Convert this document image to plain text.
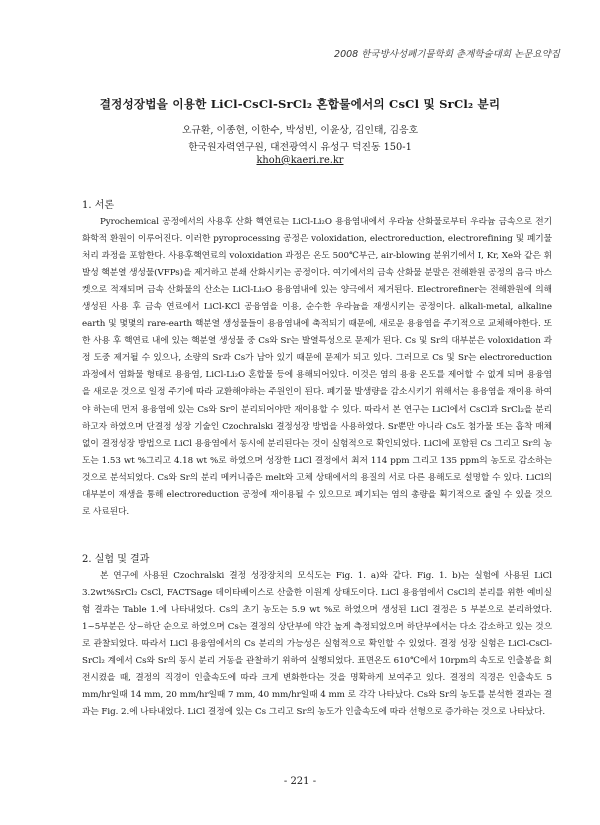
2008 한국방사성폐기물학회 춘계학술대회 논문요약집
결정성장법을 이용한 LiCl-CsCl-SrCl₂ 혼합물에서의 CsCl 및 SrCl₂ 분리
오규환, 이종현, 이한수, 박성빈, 이윤상, 김인태, 김응호
한국원자력연구원, 대전광역시 유성구 덕진동 150-1
khoh@kaeri.re.kr
1. 서론

Pyrochemical 공정에서의 사용후 산화 핵연료는 LiCl-Li₂O 용융염내에서 우라늄 산화물로부터 우라늄 금속으로 전기화학적 환원이 이루어진다. 이러한 pyroprocessing 공정은 voloxidation, electroreduction, electrorefining 및 폐기물 처리 과정을 포함한다. 사용후핵연료의 voloxidation 과정은 온도 500℃부근, air-blowing 분위기에서 I, Kr, Xe와 같은 휘발성 핵분열 생성물(VFPs)을 제거하고 분쇄 산화시키는 공정이다. 여기에서의 금속 산화물 분말은 전해환원 공정의 음극 바스켓으로 적재되며 금속 산화물의 산소는 LiCl-Li₂O 용융염내에 있는 양극에서 제거된다. Electrorefiner는 전해환원에 의해 생성된 사용 후 금속 연료에서 LiCl-KCl 공융염을 이용, 순수한 우라늄을 재생시키는 공정이다. alkali-metal, alkaline earth 및 몇몇의 rare-earth 핵분열 생성물들이 용융염내에 축적되기 때문에, 새로운 용융염을 주기적으로 교체해야한다. 또한 사용 후 핵연료 내에 있는 핵분열 생성물 중 Cs와 Sr는 발열특성으로 문제가 된다. Cs 및 Sr의 대부분은 voloxidation 과정 도중 제거될 수 있으나, 소량의 Sr과 Cs가 남아 있기 때문에 문제가 되고 있다. 그러므로 Cs 및 Sr는 electroreduction 과정에서 염화물 형태로 용융염, LiCl-Li₂O 혼합물 등에 용해되어있다. 이것은 염의 용융 온도를 제어할 수 없게 되며 용융염을 새로운 것으로 일정 주기에 따라 교환해야하는 주원인이 된다. 폐기물 발생량을 감소시키기 위해서는 용융염을 재이용 하여야 하는데 먼저 용융염에 있는 Cs와 Sr이 분리되어야만 재이용할 수 있다. 따라서 본 연구는 LiCl에서 CsCl과 SrCl₂을 분리하고자 하였으며 단결정 성장 기술인 Czochralski 결정성장 방법을 사용하였다. Sr뿐만 아니라 Cs도 첨가물 또는 흡착 매체 없이 결정성장 방법으로 LiCl 용융염에서 동시에 분리된다는 것이 실험적으로 확인되었다. LiCl에 포함된 Cs 그리고 Sr의 농도는 1.53 wt %그리고 4.18 wt %로 하였으며 성장한 LiCl 결정에서 최저 114 ppm 그리고 135 ppm의 농도로 감소하는 것으로 분석되었다. Cs와 Sr의 분리 메커니즘은 melt와 고체 상태에서의 용질의 서로 다른 용해도로 설명할 수 있다. LiCl의 대부분이 재생을 통해 electroreduction 공정에 재이용될 수 있으므로 폐기되는 염의 총량을 획기적으로 줄일 수 있을 것으로 사료된다.

2. 실험 및 결과

본 연구에 사용된 Czochralski 결정 성장장치의 모식도는 Fig. 1. a)와 같다. Fig. 1. b)는 실험에 사용된 LiCl 3.2wt%SrCl₂ CsCl, FACTSage 데이타베이스로 산출한 이원계 상태도이다. LiCl 용융염에서 CsCl의 분리를 위한 예비실험 결과는 Table 1.에 나타내었다. Cs의 초기 농도는 5.9 wt %로 하였으며 생성된 LiCl 결정은 5 부분으로 분리하였다. 1~5부분은 상~하단 순으로 하였으며 Cs는 결정의 상단부에 약간 높게 측정되었으며 하단부에서는 다소 감소하고 있는 것으로 관찰되었다. 따라서 LiCl 용융염에서의 Cs 분리의 가능성은 실험적으로 확인할 수 있었다. 결정 성장 실험은 LiCl-CsCl-SrCl₂ 계에서 Cs와 Sr의 동시 분리 거동을 관찰하기 위하여 실행되었다. 표면온도 610℃에서 10rpm의 속도로 인출봉을 회전시켰을 때, 결정의 직경이 인출속도에 따라 크게 변화한다는 것을 명확하게 보여주고 있다. 결정의 직경은 인출속도 5 mm/hr일때 14 mm, 20 mm/hr일때 7 mm, 40 mm/hr일때 4 mm 로 각각 나타났다. Cs와 Sr의 농도를 분석한 결과는 결과는 Fig. 2.에 나타내었다. LiCl 결정에 있는 Cs 그리고 Sr의 농도가 인출속도에 따라 선형으로 증가하는 것으로 나타났다.

- 221 -
